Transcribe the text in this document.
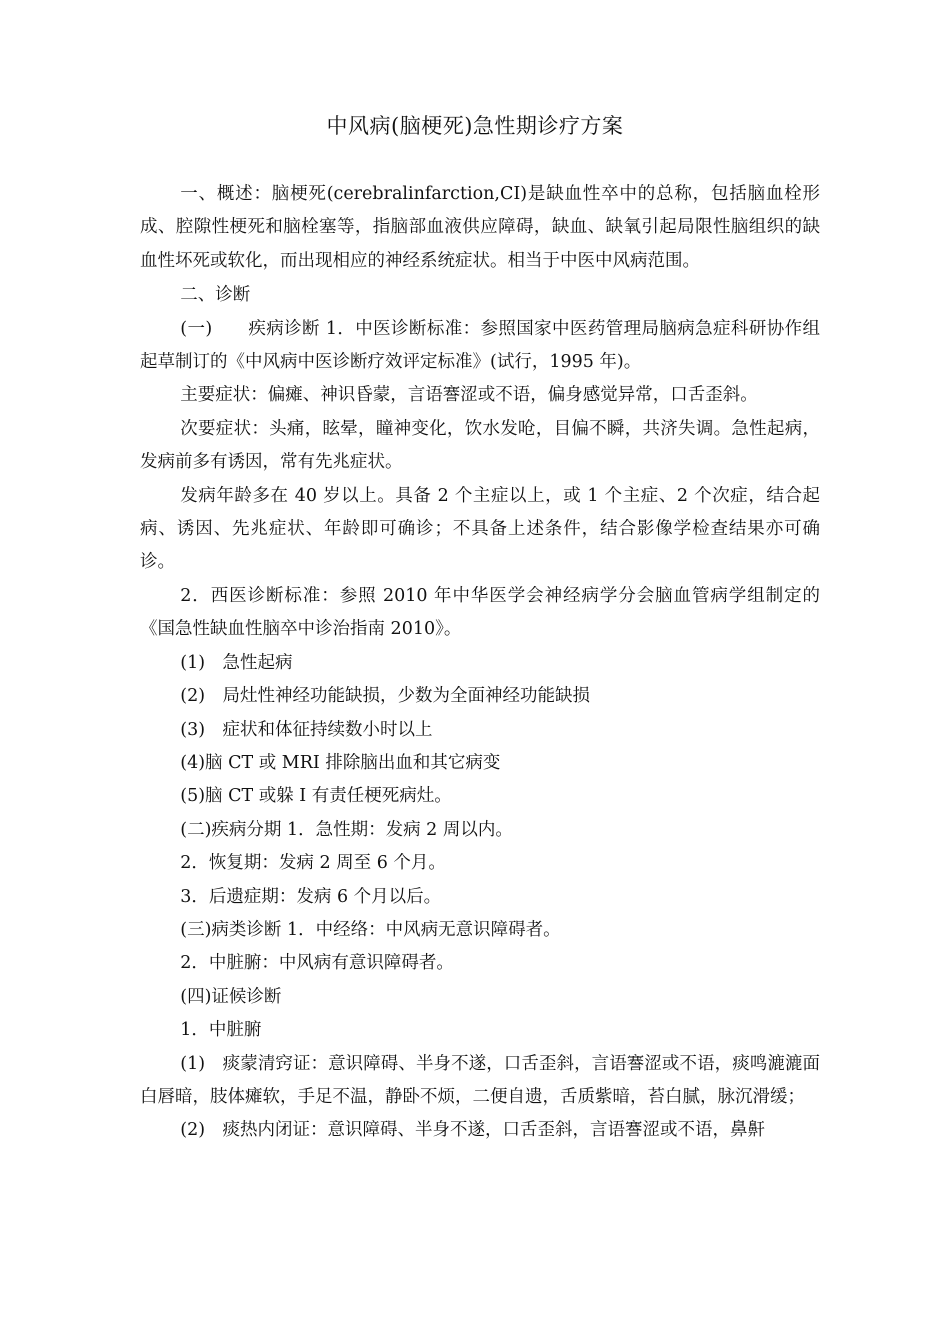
中风病(脑梗死)急性期诊疗方案

一、概述：脑梗死(cerebralinfarction,CI)是缺血性卒中的总称，包括脑血栓形成、腔隙性梗死和脑栓塞等，指脑部血液供应障碍，缺血、缺氧引起局限性脑组织的缺血性坏死或软化，而出现相应的神经系统症状。相当于中医中风病范围。

二、诊断

(一)　　疾病诊断 1．中医诊断标准：参照国家中医药管理局脑病急症科研协作组起草制订的《中风病中医诊断疗效评定标准》(试行，1995 年)。

主要症状：偏瘫、神识昏蒙，言语謇涩或不语，偏身感觉异常，口舌歪斜。

次要症状：头痛，眩晕，瞳神变化，饮水发呛，目偏不瞬，共济失调。急性起病，发病前多有诱因，常有先兆症状。

发病年龄多在 40 岁以上。具备 2 个主症以上，或 1 个主症、2 个次症，结合起病、诱因、先兆症状、年龄即可确诊；不具备上述条件，结合影像学检查结果亦可确诊。

2．西医诊断标准：参照 2010 年中华医学会神经病学分会脑血管病学组制定的《国急性缺血性脑卒中诊治指南 2010》。

(1)　急性起病

(2)　局灶性神经功能缺损，少数为全面神经功能缺损

(3)　症状和体征持续数小时以上

(4)脑 CT 或 MRI 排除脑出血和其它病变

(5)脑 CT 或躲 I 有责任梗死病灶。

(二)疾病分期 1．急性期：发病 2 周以内。

2．恢复期：发病 2 周至 6 个月。

3．后遗症期：发病 6 个月以后。

(三)病类诊断 1．中经络：中风病无意识障碍者。

2．中脏腑：中风病有意识障碍者。

(四)证候诊断

1．中脏腑

(1)　痰蒙清窍证：意识障碍、半身不遂，口舌歪斜，言语謇涩或不语，痰鸣漉漉面白唇暗，肢体瘫软，手足不温，静卧不烦，二便自遗，舌质紫暗，苔白腻，脉沉滑缓；

(2)　痰热内闭证：意识障碍、半身不遂，口舌歪斜，言语謇涩或不语，鼻鼾
